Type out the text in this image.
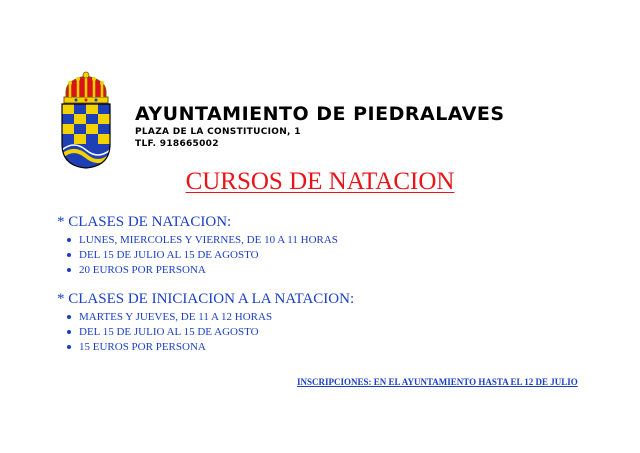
AYUNTAMIENTO DE PIEDRALAVES
PLAZA DE LA CONSTITUCION, 1
TLF. 918665002
CURSOS DE NATACION
* CLASES DE NATACION:
LUNES, MIERCOLES Y VIERNES, DE 10 A 11 HORAS
DEL 15 DE JULIO AL 15 DE AGOSTO
20 EUROS POR PERSONA
* CLASES DE INICIACION A LA NATACION:
MARTES Y JUEVES, DE 11 A 12 HORAS
DEL 15 DE JULIO AL 15 DE AGOSTO
15 EUROS POR PERSONA
INSCRIPCIONES: EN EL AYUNTAMIENTO HASTA EL 12 DE JULIO
